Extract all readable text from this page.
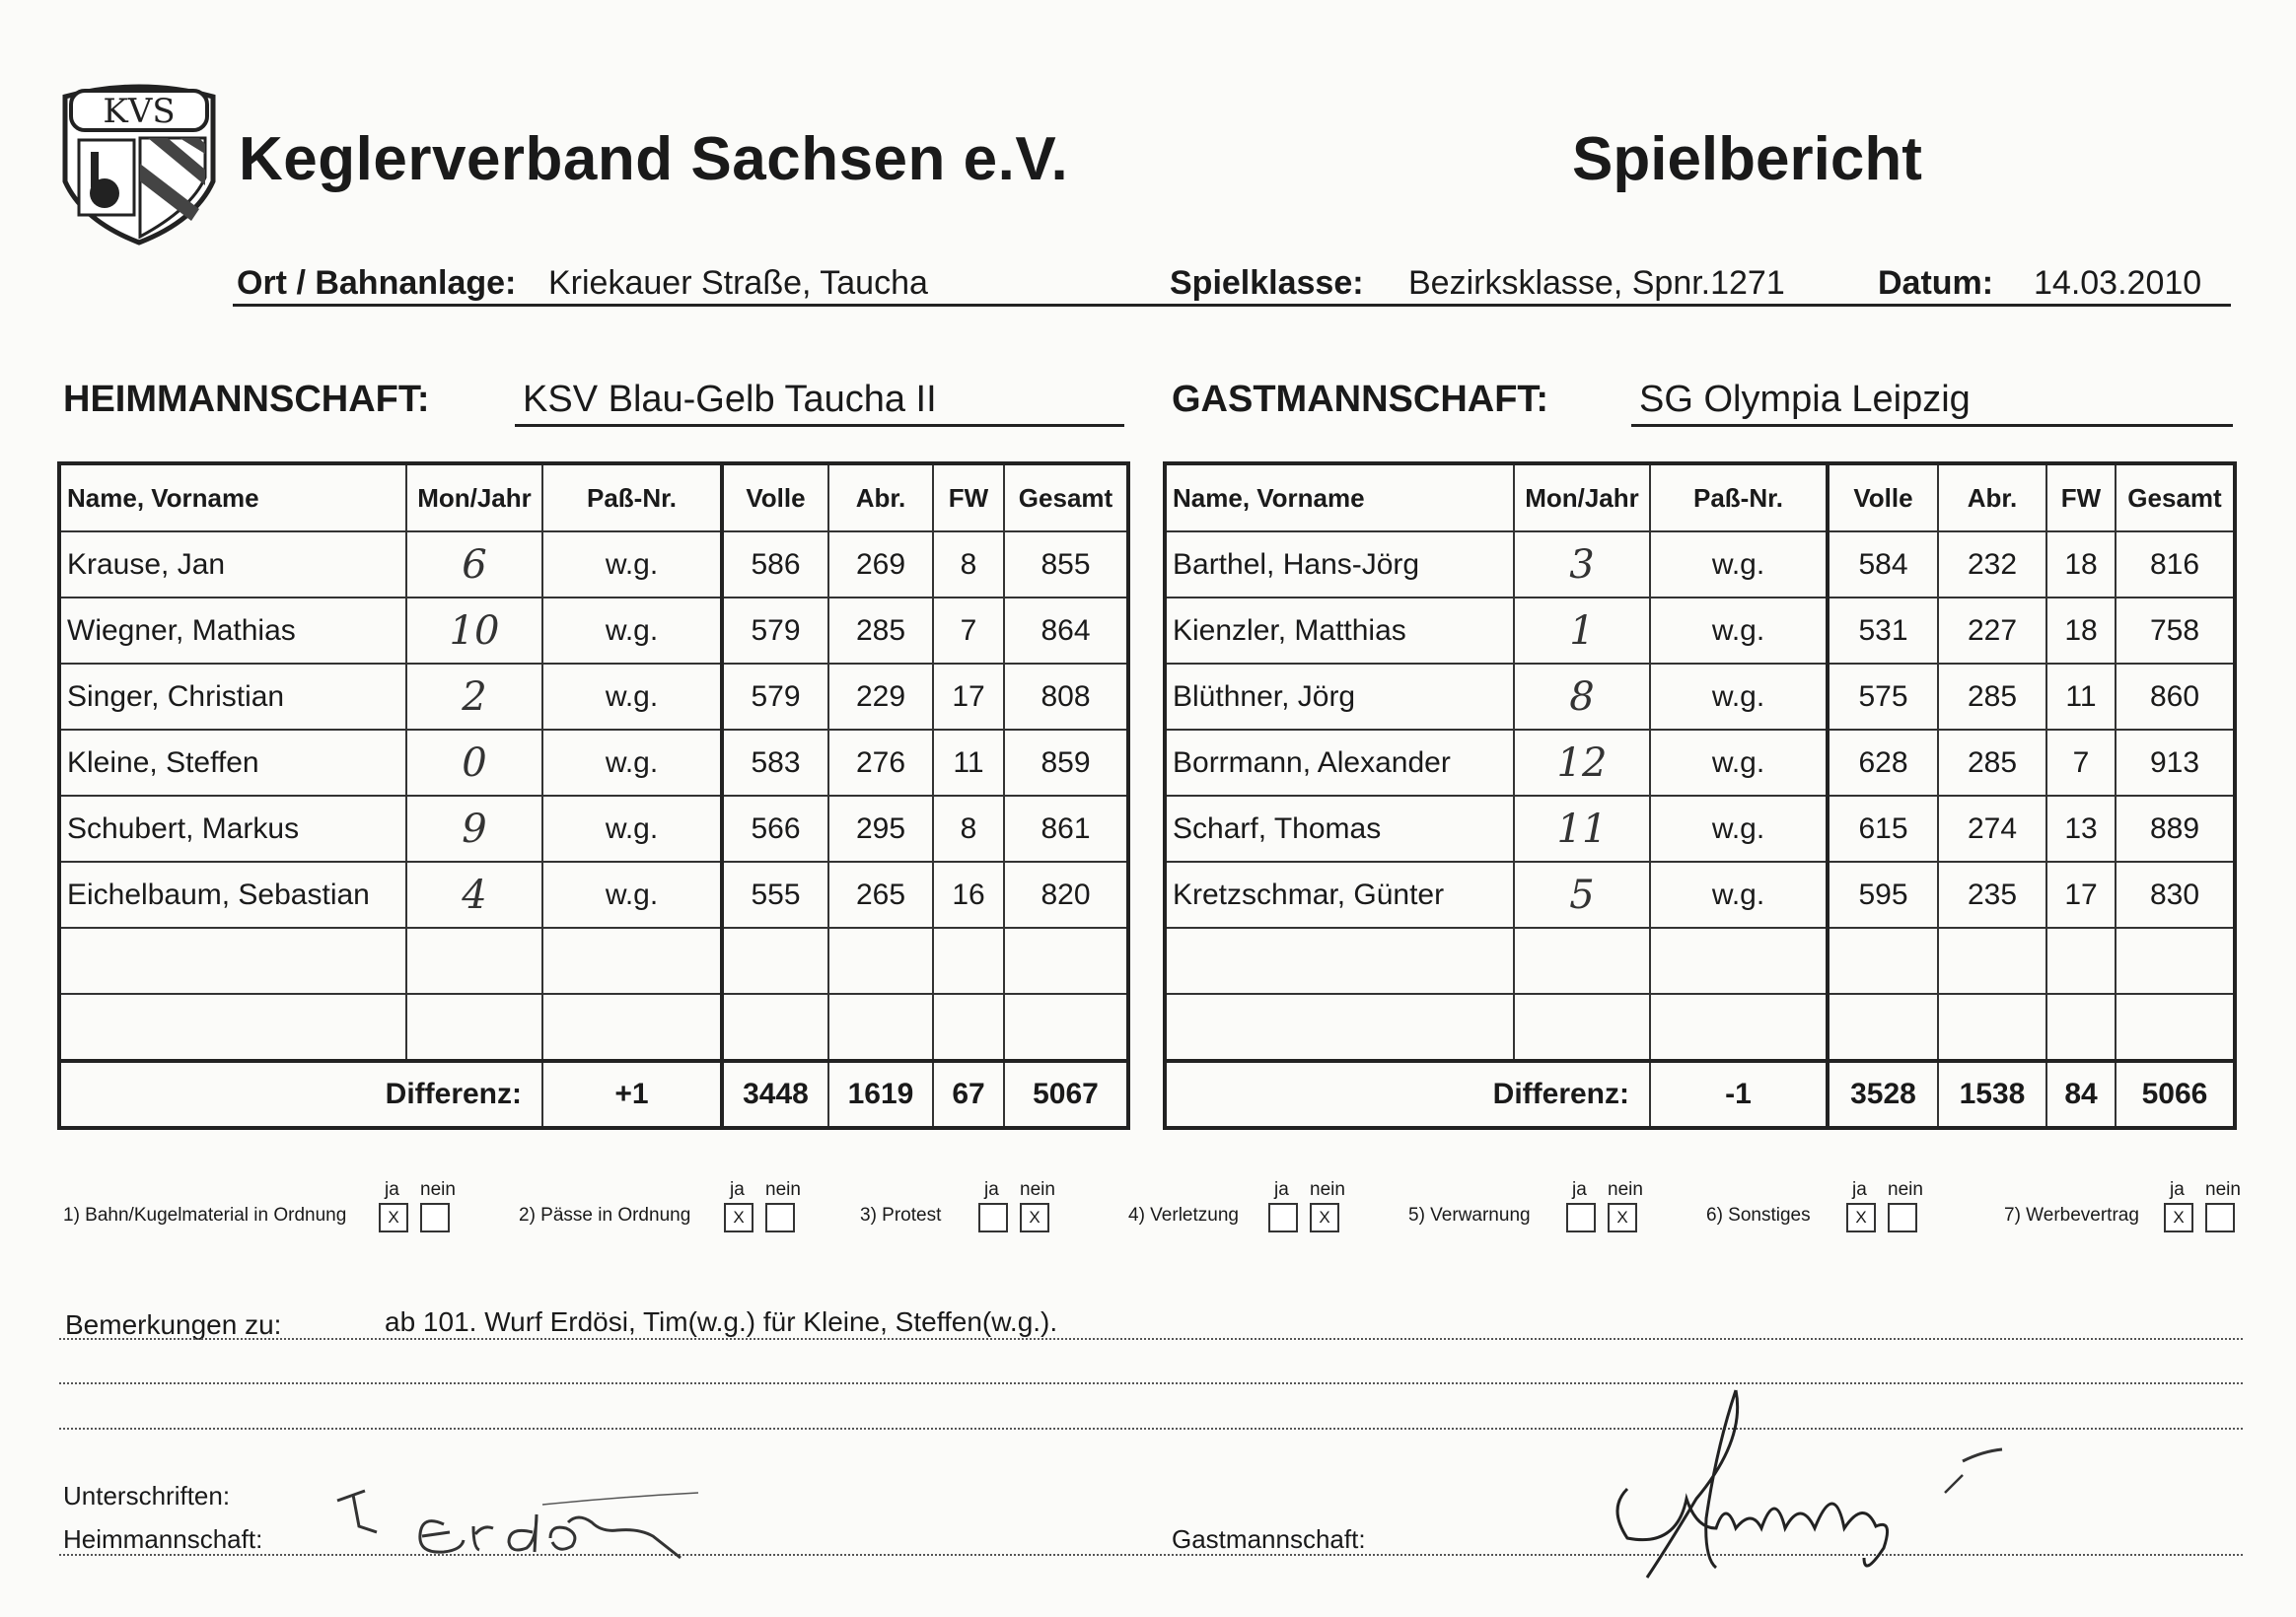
KVS
Keglerverband Sachsen e.V.	Spielbericht
Ort / Bahnanlage: Kriekauer Straße, Taucha	Spielklasse: Bezirksklasse, Spnr.1271	Datum: 14.03.2010
HEIMMANNSCHAFT: KSV Blau-Gelb Taucha II	GASTMANNSCHAFT: SG Olympia Leipzig
Name, Vorname	Mon/Jahr	Paß-Nr.	Volle	Abr.	FW	Gesamt
Krause, Jan	6	w.g.	586	269	8	855
Wiegner, Mathias	10	w.g.	579	285	7	864
Singer, Christian	2	w.g.	579	229	17	808
Kleine, Steffen	0	w.g.	583	276	11	859
Schubert, Markus	9	w.g.	566	295	8	861
Eichelbaum, Sebastian	4	w.g.	555	265	16	820

Differenz:		+1	3448	1619	67	5067
Name, Vorname	Mon/Jahr	Paß-Nr.	Volle	Abr.	FW	Gesamt
Barthel, Hans-Jörg	3	w.g.	584	232	18	816
Kienzler, Matthias	1	w.g.	531	227	18	758
Blüthner, Jörg	8	w.g.	575	285	11	860
Borrmann, Alexander	12	w.g.	628	285	7	913
Scharf, Thomas	11	w.g.	615	274	13	889
Kretzschmar, Günter	5	w.g.	595	235	17	830

Differenz:		-1	3528	1538	84	5066
1) Bahn/Kugelmaterial in Ordnung
ja nein
X	2) Pässe in Ordnung
ja nein
X	3) Protest
ja nein
X	4) Verletzung
ja nein
X	5) Verwarnung
ja nein
X	6) Sonstiges
ja nein
X	7) Werbevertrag
ja nein
X
Bemerkungen zu:	ab 101. Wurf Erdösi, Tim(w.g.) für Kleine, Steffen(w.g.).
Unterschriften:
Heimmannschaft:	Gastmannschaft:
